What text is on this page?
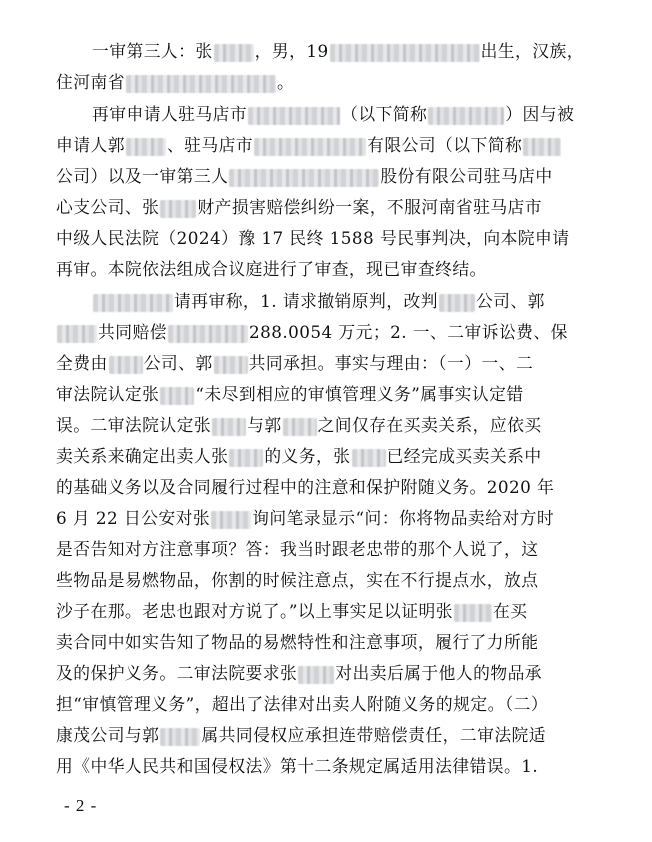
一审第三人：张	，男，19	出生，汉族，
住河南省	。
再审申请人驻马店市	（以下简称	）因与被
申请人郭	、驻马店市	有限公司（以下简称
公司）以及一审第三人	股份有限公司驻马店中
心支公司、张 财产损害赔偿纠纷一案，不服河南省驻马店市
中级人民法院（2024）豫 17 民终 1588 号民事判决，向本院申请
再审。本院依法组成合议庭进行了审查，现已审查终结。
请再审称，1. 请求撤销原判，改判 公司、郭
共同赔偿	288.0054 万元；2. 一、二审诉讼费、保
全费由 公司、郭 共同承担。事实与理由：（一）一、二
审法院认定张 “未尽到相应的审慎管理义务”属事实认定错
误。二审法院认定张 与郭 之间仅存在买卖关系，应依买
卖关系来确定出卖人张 的义务，张 已经完成买卖关系中
的基础义务以及合同履行过程中的注意和保护附随义务。2020 年
6 月 22 日公安对张	询问笔录显示“问：你将物品卖给对方时
是否告知对方注意事项？答：我当时跟老忠带的那个人说了，这
些物品是易燃物品，你割的时候注意点，实在不行提点水，放点
沙子在那。老忠也跟对方说了。”以上事实足以证明张 在买
卖合同中如实告知了物品的易燃特性和注意事项，履行了力所能
及的保护义务。二审法院要求张 对出卖后属于他人的物品承
担“审慎管理义务”，超出了法律对出卖人附随义务的规定。（二）
康茂公司与郭	属共同侵权应承担连带赔偿责任，二审法院适
用《中华人民共和国侵权法》第十二条规定属适用法律错误。1.
- 2 -
